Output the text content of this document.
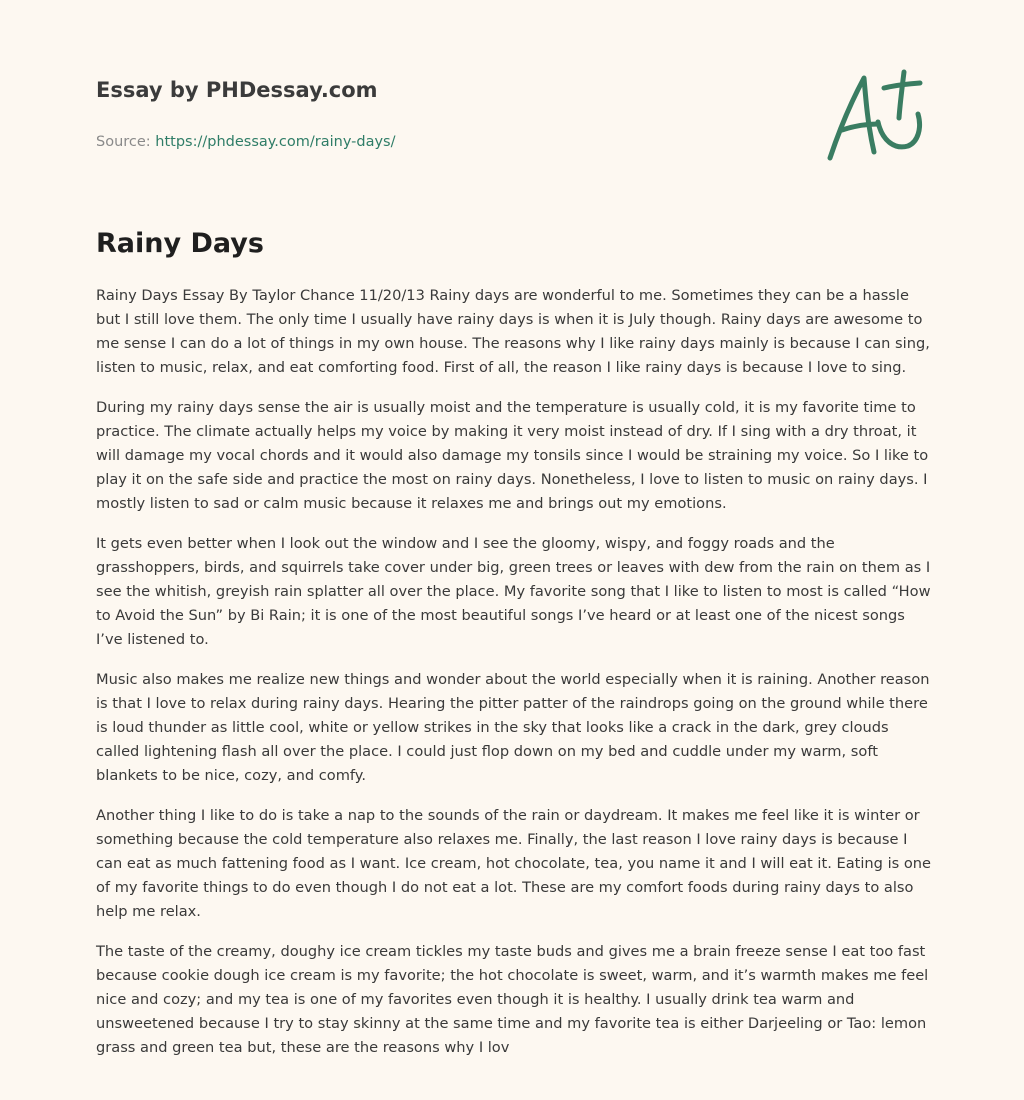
Essay by PHDessay.com
Source: https://phdessay.com/rainy-days/
Rainy Days

Rainy Days Essay By Taylor Chance 11/20/13 Rainy days are wonderful to me. Sometimes they can be a hassle but I still love them. The only time I usually have rainy days is when it is July though. Rainy days are awesome to me sense I can do a lot of things in my own house. The reasons why I like rainy days mainly is because I can sing, listen to music, relax, and eat comforting food. First of all, the reason I like rainy days is because I love to sing.

During my rainy days sense the air is usually moist and the temperature is usually cold, it is my favorite time to practice. The climate actually helps my voice by making it very moist instead of dry. If I sing with a dry throat, it will damage my vocal chords and it would also damage my tonsils since I would be straining my voice. So I like to play it on the safe side and practice the most on rainy days. Nonetheless, I love to listen to music on rainy days. I mostly listen to sad or calm music because it relaxes me and brings out my emotions.

It gets even better when I look out the window and I see the gloomy, wispy, and foggy roads and the grasshoppers, birds, and squirrels take cover under big, green trees or leaves with dew from the rain on them as I see the whitish, greyish rain splatter all over the place. My favorite song that I like to listen to most is called “How to Avoid the Sun” by Bi Rain; it is one of the most beautiful songs I’ve heard or at least one of the nicest songs I’ve listened to.

Music also makes me realize new things and wonder about the world especially when it is raining. Another reason is that I love to relax during rainy days. Hearing the pitter patter of the raindrops going on the ground while there is loud thunder as little cool, white or yellow strikes in the sky that looks like a crack in the dark, grey clouds called lightening flash all over the place. I could just flop down on my bed and cuddle under my warm, soft blankets to be nice, cozy, and comfy.

Another thing I like to do is take a nap to the sounds of the rain or daydream. It makes me feel like it is winter or something because the cold temperature also relaxes me. Finally, the last reason I love rainy days is because I can eat as much fattening food as I want. Ice cream, hot chocolate, tea, you name it and I will eat it. Eating is one of my favorite things to do even though I do not eat a lot. These are my comfort foods during rainy days to also help me relax.

The taste of the creamy, doughy ice cream tickles my taste buds and gives me a brain freeze sense I eat too fast because cookie dough ice cream is my favorite; the hot chocolate is sweet, warm, and it’s warmth makes me feel nice and cozy; and my tea is one of my favorites even though it is healthy. I usually drink tea warm and unsweetened because I try to stay skinny at the same time and my favorite tea is either Darjeeling or Tao: lemon grass and green tea but, these are the reasons why I lov
